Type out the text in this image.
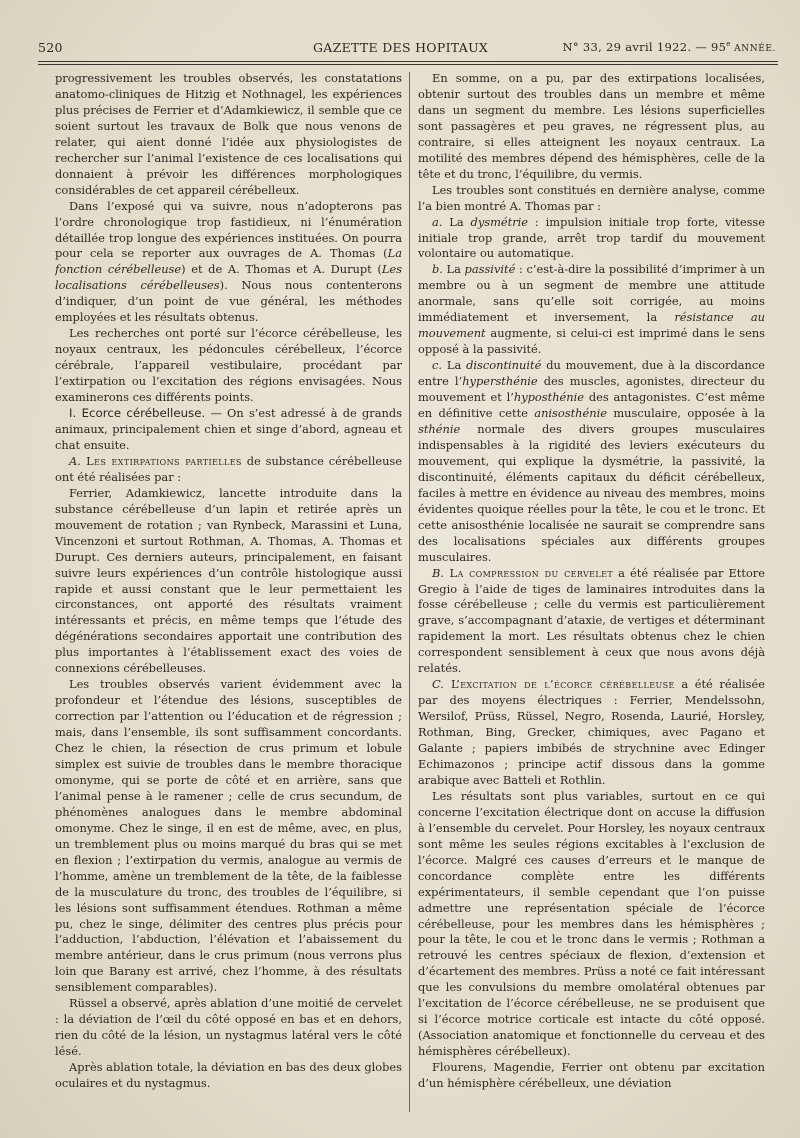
520	GAZETTE DES HOPITAUX	N° 33, 29 avril 1922. — 95e ANNÉE.

progressivement les troubles observés, les constatations anatomo-cliniques de Hitzig et Nothnagel, les expériences plus précises de Ferrier et d’Adamkiewicz, il semble que ce soient surtout les travaux de Bolk que nous venons de relater, qui aient donné l’idée aux physiologistes de rechercher sur l’animal l’existence de ces localisations qui donnaient à prévoir les différences morphologiques considérables de cet appareil cérébelleux.

Dans l’exposé qui va suivre, nous n’adopterons pas l’ordre chronologique trop fastidieux, ni l’énumération détaillée trop longue des expériences instituées. On pourra pour cela se reporter aux ouvrages de A. Thomas (La fonction cérébelleuse) et de A. Thomas et A. Durupt (Les localisations cérébelleuses). Nous nous contenterons d’indiquer, d’un point de vue général, les méthodes employées et les résultats obtenus.

Les recherches ont porté sur l’écorce cérébelleuse, les noyaux centraux, les pédoncules cérébelleux, l’écorce cérébrale, l’appareil vestibulaire, procédant par l’extirpation ou l’excitation des régions envisagées. Nous examinerons ces différents points.

I. Ecorce cérébelleuse. — On s’est adressé à de grands animaux, principalement chien et singe d’abord, agneau et chat ensuite.

A. Les extirpations partielles de substance cérébelleuse ont été réalisées par :

Ferrier, Adamkiewicz, lancette introduite dans la substance cérébelleuse d’un lapin et retirée après un mouvement de rotation ; van Rynbeck, Marassini et Luna, Vincenzoni et surtout Rothman, A. Thomas, A. Thomas et Durupt. Ces derniers auteurs, principalement, en faisant suivre leurs expériences d’un contrôle histologique aussi rapide et aussi constant que le leur permettaient les circonstances, ont apporté des résultats vraiment intéressants et précis, en même temps que l’étude des dégénérations secondaires apportait une contribution des plus importantes à l’établissement exact des voies de connexions cérébelleuses.

Les troubles observés varient évidemment avec la profondeur et l’étendue des lésions, susceptibles de correction par l’attention ou l’éducation et de régression ; mais, dans l’ensemble, ils sont suffisamment concordants. Chez le chien, la résection de crus primum et lobule simplex est suivie de troubles dans le membre thoracique omonyme, qui se porte de côté et en arrière, sans que l’animal pense à le ramener ; celle de crus secundum, de phénomènes analogues dans le membre abdominal omonyme. Chez le singe, il en est de même, avec, en plus, un tremblement plus ou moins marqué du bras qui se met en flexion ; l’extirpation du vermis, analogue au vermis de l’homme, amène un tremblement de la tête, de la faiblesse de la musculature du tronc, des troubles de l’équilibre, si les lésions sont suffisamment étendues. Rothman a même pu, chez le singe, délimiter des centres plus précis pour l’adduction, l’abduction, l’élévation et l’abaissement du membre antérieur, dans le crus primum (nous verrons plus loin que Barany est arrivé, chez l’homme, à des résultats sensiblement comparables).

Rüssel a observé, après ablation d’une moitié de cervelet : la déviation de l’œil du côté opposé en bas et en dehors, rien du côté de la lésion, un nystagmus latéral vers le côté lésé.

Après ablation totale, la déviation en bas des deux globes oculaires et du nystagmus.

En somme, on a pu, par des extirpations localisées, obtenir surtout des troubles dans un membre et même dans un segment du membre. Les lésions superficielles sont passagères et peu graves, ne régressent plus, au contraire, si elles atteignent les noyaux centraux. La motilité des membres dépend des hémisphères, celle de la tête et du tronc, l’équilibre, du vermis.

Les troubles sont constitués en dernière analyse, comme l’a bien montré A. Thomas par :

a. La dysmétrie : impulsion initiale trop forte, vitesse initiale trop grande, arrêt trop tardif du mouvement volontaire ou automatique.

b. La passivité : c’est-à-dire la possibilité d’imprimer à un membre ou à un segment de membre une attitude anormale, sans qu’elle soit corrigée, au moins immédiatement et inversement, la résistance au mouvement augmente, si celui-ci est imprimé dans le sens opposé à la passivité.

c. La discontinuité du mouvement, due à la discordance entre l’hypersthénie des muscles, agonistes, directeur du mouvement et l’hyposthénie des antagonistes. C’est même en définitive cette anisosthénie musculaire, opposée à la sthénie normale des divers groupes musculaires indispensables à la rigidité des leviers exécuteurs du mouvement, qui explique la dysmétrie, la passivité, la discontinuité, éléments capitaux du déficit cérébelleux, faciles à mettre en évidence au niveau des membres, moins évidentes quoique réelles pour la tête, le cou et le tronc. Et cette anisosthénie localisée ne saurait se comprendre sans des localisations spéciales aux différents groupes musculaires.

B. La compression du cervelet a été réalisée par Ettore Gregio à l’aide de tiges de laminaires introduites dans la fosse cérébelleuse ; celle du vermis est particulièrement grave, s’accompagnant d’ataxie, de vertiges et déterminant rapidement la mort. Les résultats obtenus chez le chien correspondent sensiblement à ceux que nous avons déjà relatés.

C. L’excitation de l’écorce cérébelleuse a été réalisée par des moyens électriques : Ferrier, Mendelssohn, Wersilof, Prüss, Rüssel, Negro, Rosenda, Laurié, Horsley, Rothman, Bing, Grecker, chimiques, avec Pagano et Galante ; papiers imbibés de strychnine avec Edinger Echimazonos ; principe actif dissous dans la gomme arabique avec Batteli et Rothlin.

Les résultats sont plus variables, surtout en ce qui concerne l’excitation électrique dont on accuse la diffusion à l’ensemble du cervelet. Pour Horsley, les noyaux centraux sont même les seules régions excitables à l’exclusion de l’écorce. Malgré ces causes d’erreurs et le manque de concordance complète entre les différents expérimentateurs, il semble cependant que l’on puisse admettre une représentation spéciale de l’écorce cérébelleuse, pour les membres dans les hémisphères ; pour la tête, le cou et le tronc dans le vermis ; Rothman a retrouvé les centres spéciaux de flexion, d’extension et d’écartement des membres. Prüss a noté ce fait intéressant que les convulsions du membre omolatéral obtenues par l’excitation de l’écorce cérébelleuse, ne se produisent que si l’écorce motrice corticale est intacte du côté opposé. (Association anatomique et fonctionnelle du cerveau et des hémisphères cérébelleux).

Flourens, Magendie, Ferrier ont obtenu par excitation d’un hémisphère cérébelleux, une déviation
